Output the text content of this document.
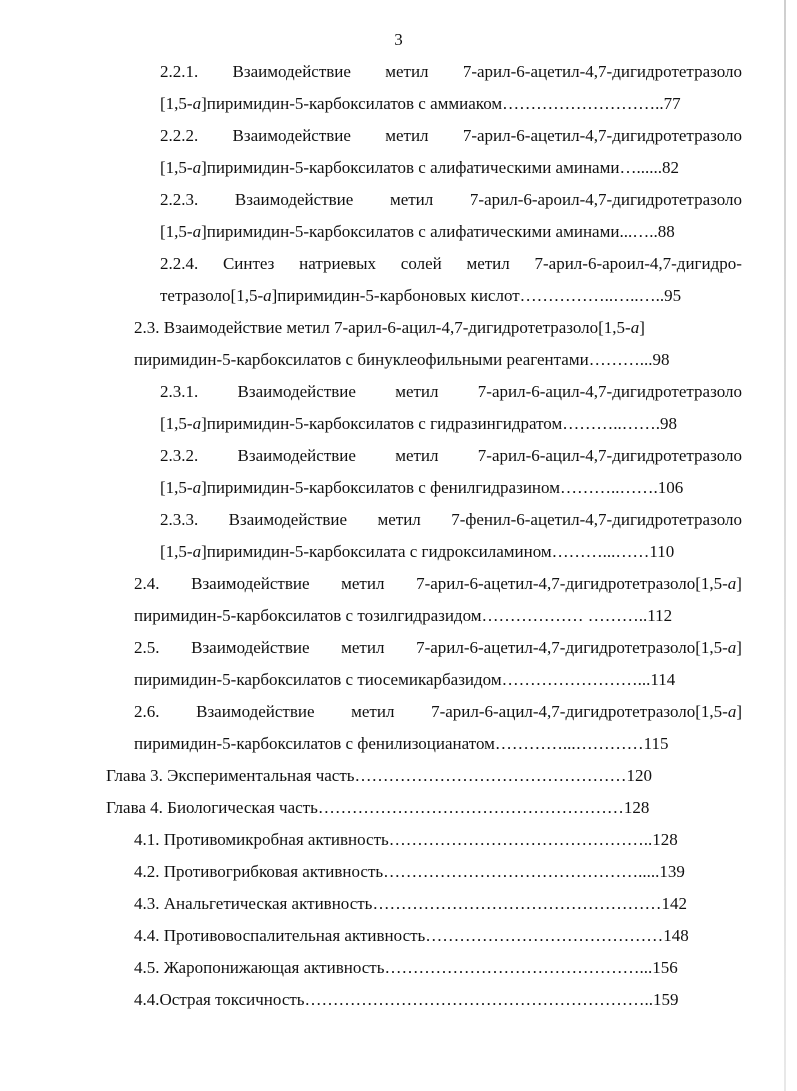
3
2.2.1. Взаимодействие метил 7-арил-6-ацетил-4,7-дигидротетразоло
[1,5-а]пиримидин-5-карбоксилатов с аммиаком………………………..77
2.2.2. Взаимодействие метил 7-арил-6-ацетил-4,7-дигидротетразоло
[1,5-а]пиримидин-5-карбоксилатов с алифатическими аминами…......82
2.2.3. Взаимодействие метил 7-арил-6-ароил-4,7-дигидротетразоло
[1,5-а]пиримидин-5-карбоксилатов с алифатическими аминами...…..88
2.2.4. Синтез натриевых солей метил 7-арил-6-ароил-4,7-дигидро-
тетразоло[1,5-а]пиримидин-5-карбоновых кислот……………..…..…..95
2.3. Взаимодействие метил 7-арил-6-ацил-4,7-дигидротетразоло[1,5-а]
пиримидин-5-карбоксилатов с бинуклеофильными реагентами………...98
2.3.1. Взаимодействие метил 7-арил-6-ацил-4,7-дигидротетразоло
[1,5-а]пиримидин-5-карбоксилатов с гидразингидратом………..…….98
2.3.2. Взаимодействие метил 7-арил-6-ацил-4,7-дигидротетразоло
[1,5-а]пиримидин-5-карбоксилатов с фенилгидразином………..…….106
2.3.3. Взаимодействие метил 7-фенил-6-ацетил-4,7-дигидротетразоло
[1,5-а]пиримидин-5-карбоксилата с гидроксиламином………...……110
2.4. Взаимодействие метил 7-арил-6-ацетил-4,7-дигидротетразоло[1,5-а]
пиримидин-5-карбоксилатов с тозилгидразидом……………… ………..112
2.5. Взаимодействие метил 7-арил-6-ацетил-4,7-дигидротетразоло[1,5-а]
пиримидин-5-карбоксилатов с тиосемикарбазидом……………………...114
2.6. Взаимодействие метил 7-арил-6-ацил-4,7-дигидротетразоло[1,5-а]
пиримидин-5-карбоксилатов с фенилизоцианатом…………...…………115
Глава 3. Экспериментальная часть…………………………………………120
Глава 4. Биологическая часть………………………………………………128
4.1. Противомикробная активность………………………………………..128
4.2. Противогрибковая активность……………………………………….....139
4.3. Анальгетическая активность……………………………………………142
4.4. Противовоспалительная активность……………………………………148
4.5. Жаропонижающая активность………………………………………...156
4.4.Острая токсичность……………………………………………………..159
